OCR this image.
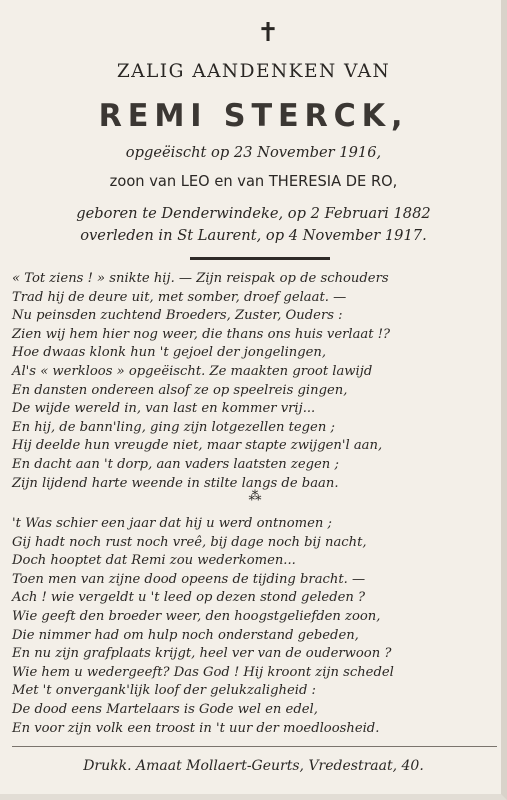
✝
ZALIG AANDENKEN VAN
REMI STERCK,
opgeëischt op 23 November 1916,
zoon van LEO en van THERESIA DE RO,
geboren te Denderwindeke, op 2 Februari 1882
overleden in St Laurent, op 4 November 1917.
« Tot ziens ! » snikte hij. — Zijn reispak op de schouders
Trad hij de deure uit, met somber, droef gelaat. —
Nu peinsden zuchtend Broeders, Zuster, Ouders :
Zien wij hem hier nog weer, die thans ons huis verlaat !?
Hoe dwaas klonk hun 't gejoel der jongelingen,
Al's « werkloos » opgeëischt. Ze maakten groot lawijd
En dansten ondereen alsof ze op speelreis gingen,
De wijde wereld in, van last en kommer vrij...
En hij, de bann'ling, ging zijn lotgezellen tegen ;
Hij deelde hun vreugde niet, maar stapte zwijgen'l aan,
En dacht aan 't dorp, aan vaders laatsten zegen ;
Zijn lijdend harte weende in stilte langs de baan.
⁂
't Was schier een jaar dat hij u werd ontnomen ;
Gij hadt noch rust noch vreê, bij dage noch bij nacht,
Doch hooptet dat Remi zou wederkomen...
Toen men van zijne dood opeens de tijding bracht. —
Ach ! wie vergeldt u 't leed op dezen stond geleden ?
Wie geeft den broeder weer, den hoogstgeliefden zoon,
Die nimmer had om hulp noch onderstand gebeden,
En nu zijn grafplaats krijgt, heel ver van de ouderwoon ?
Wie hem u wedergeeft? Das God ! Hij kroont zijn schedel
Met 't onvergank'lijk loof der gelukzaligheid :
De dood eens Martelaars is Gode wel en edel,
En voor zijn volk een troost in 't uur der moedloosheid.
Drukk. Amaat Mollaert-Geurts, Vredestraat, 40.
